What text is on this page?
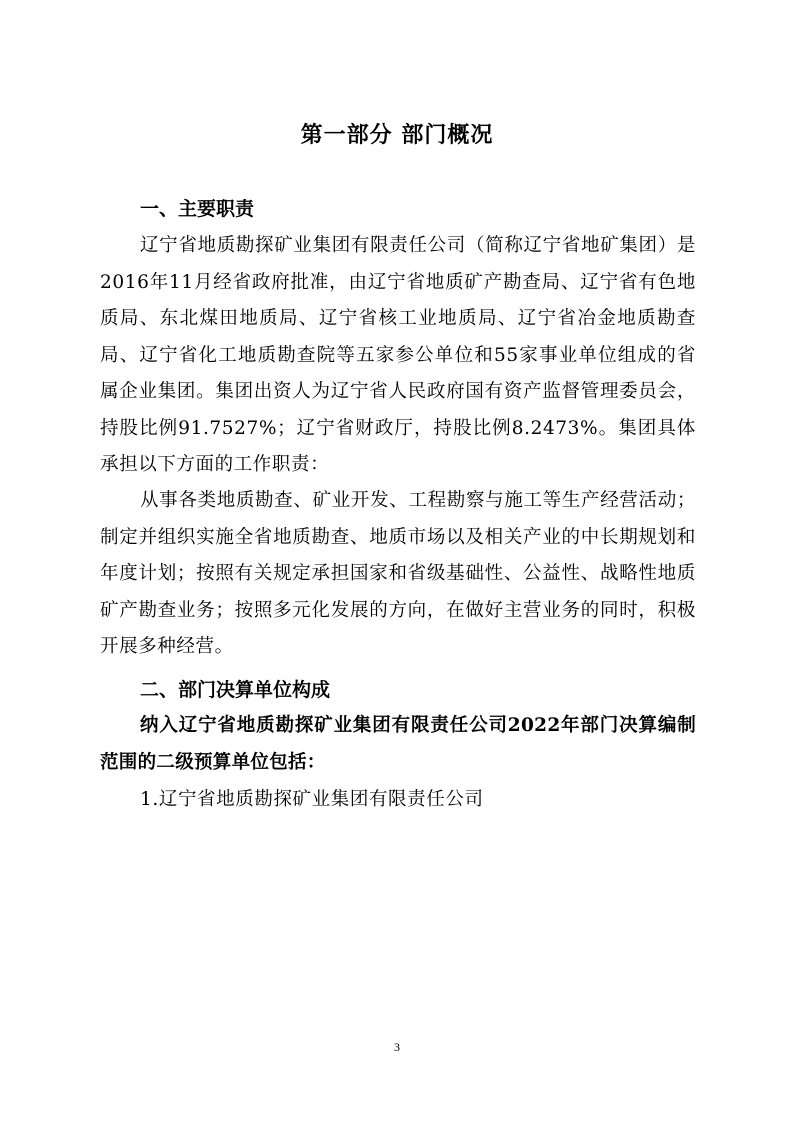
第一部分 部门概况
一、主要职责
辽宁省地质勘探矿业集团有限责任公司（简称辽宁省地矿集团）是2016年11月经省政府批准，由辽宁省地质矿产勘查局、辽宁省有色地质局、东北煤田地质局、辽宁省核工业地质局、辽宁省冶金地质勘查局、辽宁省化工地质勘查院等五家参公单位和55家事业单位组成的省属企业集团。集团出资人为辽宁省人民政府国有资产监督管理委员会，持股比例91.7527%；辽宁省财政厅，持股比例8.2473%。集团具体承担以下方面的工作职责：
从事各类地质勘查、矿业开发、工程勘察与施工等生产经营活动；制定并组织实施全省地质勘查、地质市场以及相关产业的中长期规划和年度计划；按照有关规定承担国家和省级基础性、公益性、战略性地质矿产勘查业务；按照多元化发展的方向，在做好主营业务的同时，积极开展多种经营。
二、部门决算单位构成
纳入辽宁省地质勘探矿业集团有限责任公司2022年部门决算编制范围的二级预算单位包括：
1.辽宁省地质勘探矿业集团有限责任公司
3
